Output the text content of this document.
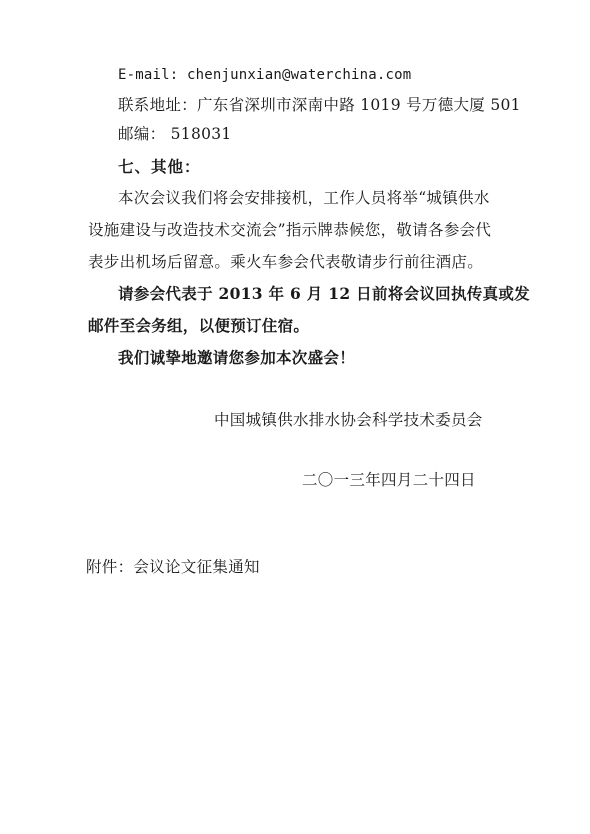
E-mail: chenjunxian@waterchina.com
联系地址：广东省深圳市深南中路 1019 号万德大厦 501
邮编： 518031
七、其他：
本次会议我们将会安排接机，工作人员将举“城镇供水
设施建设与改造技术交流会”指示牌恭候您，敬请各参会代
表步出机场后留意。乘火车参会代表敬请步行前往酒店。
请参会代表于 2013 年 6 月 12 日前将会议回执传真或发
邮件至会务组，以便预订住宿。
我们诚挚地邀请您参加本次盛会！
中国城镇供水排水协会科学技术委员会
二〇一三年四月二十四日
附件：会议论文征集通知
